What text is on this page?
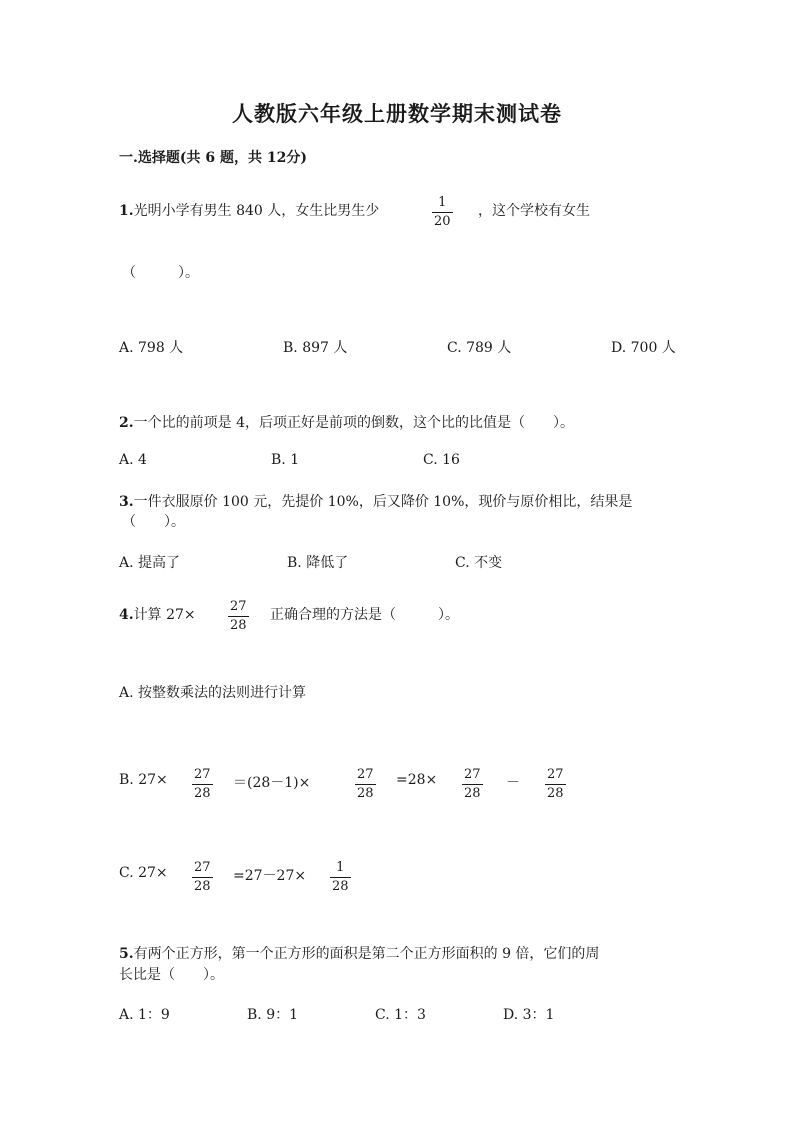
人教版六年级上册数学期末测试卷
一.选择题(共 6 题，共 12分)
1.光明小学有男生 840 人，女生比男生少
1
20
，这个学校有女生
（　　　）。
A. 798 人	B. 897 人	C. 789 人	D. 700 人
2.一个比的前项是 4，后项正好是前项的倒数，这个比的比值是（　　）。
A. 4	B. 1	C. 16
3.一件衣服原价 100 元，先提价 10%，后又降价 10%，现价与原价相比，结果是
（　　）。
A. 提高了	B. 降低了	C. 不变
4.计算 27×
27
28
正确合理的方法是（　　　）。
A. 按整数乘法的法则进行计算
B. 27× 27
28
＝(28－1)×
27
28
=28× 27
28
－
27
28
C. 27× 27
28
=27－27×
1
28
5.有两个正方形，第一个正方形的面积是第二个正方形面积的 9 倍，它们的周
长比是（　　）。
A. 1：9	B. 9：1	C. 1：3	D. 3：1
